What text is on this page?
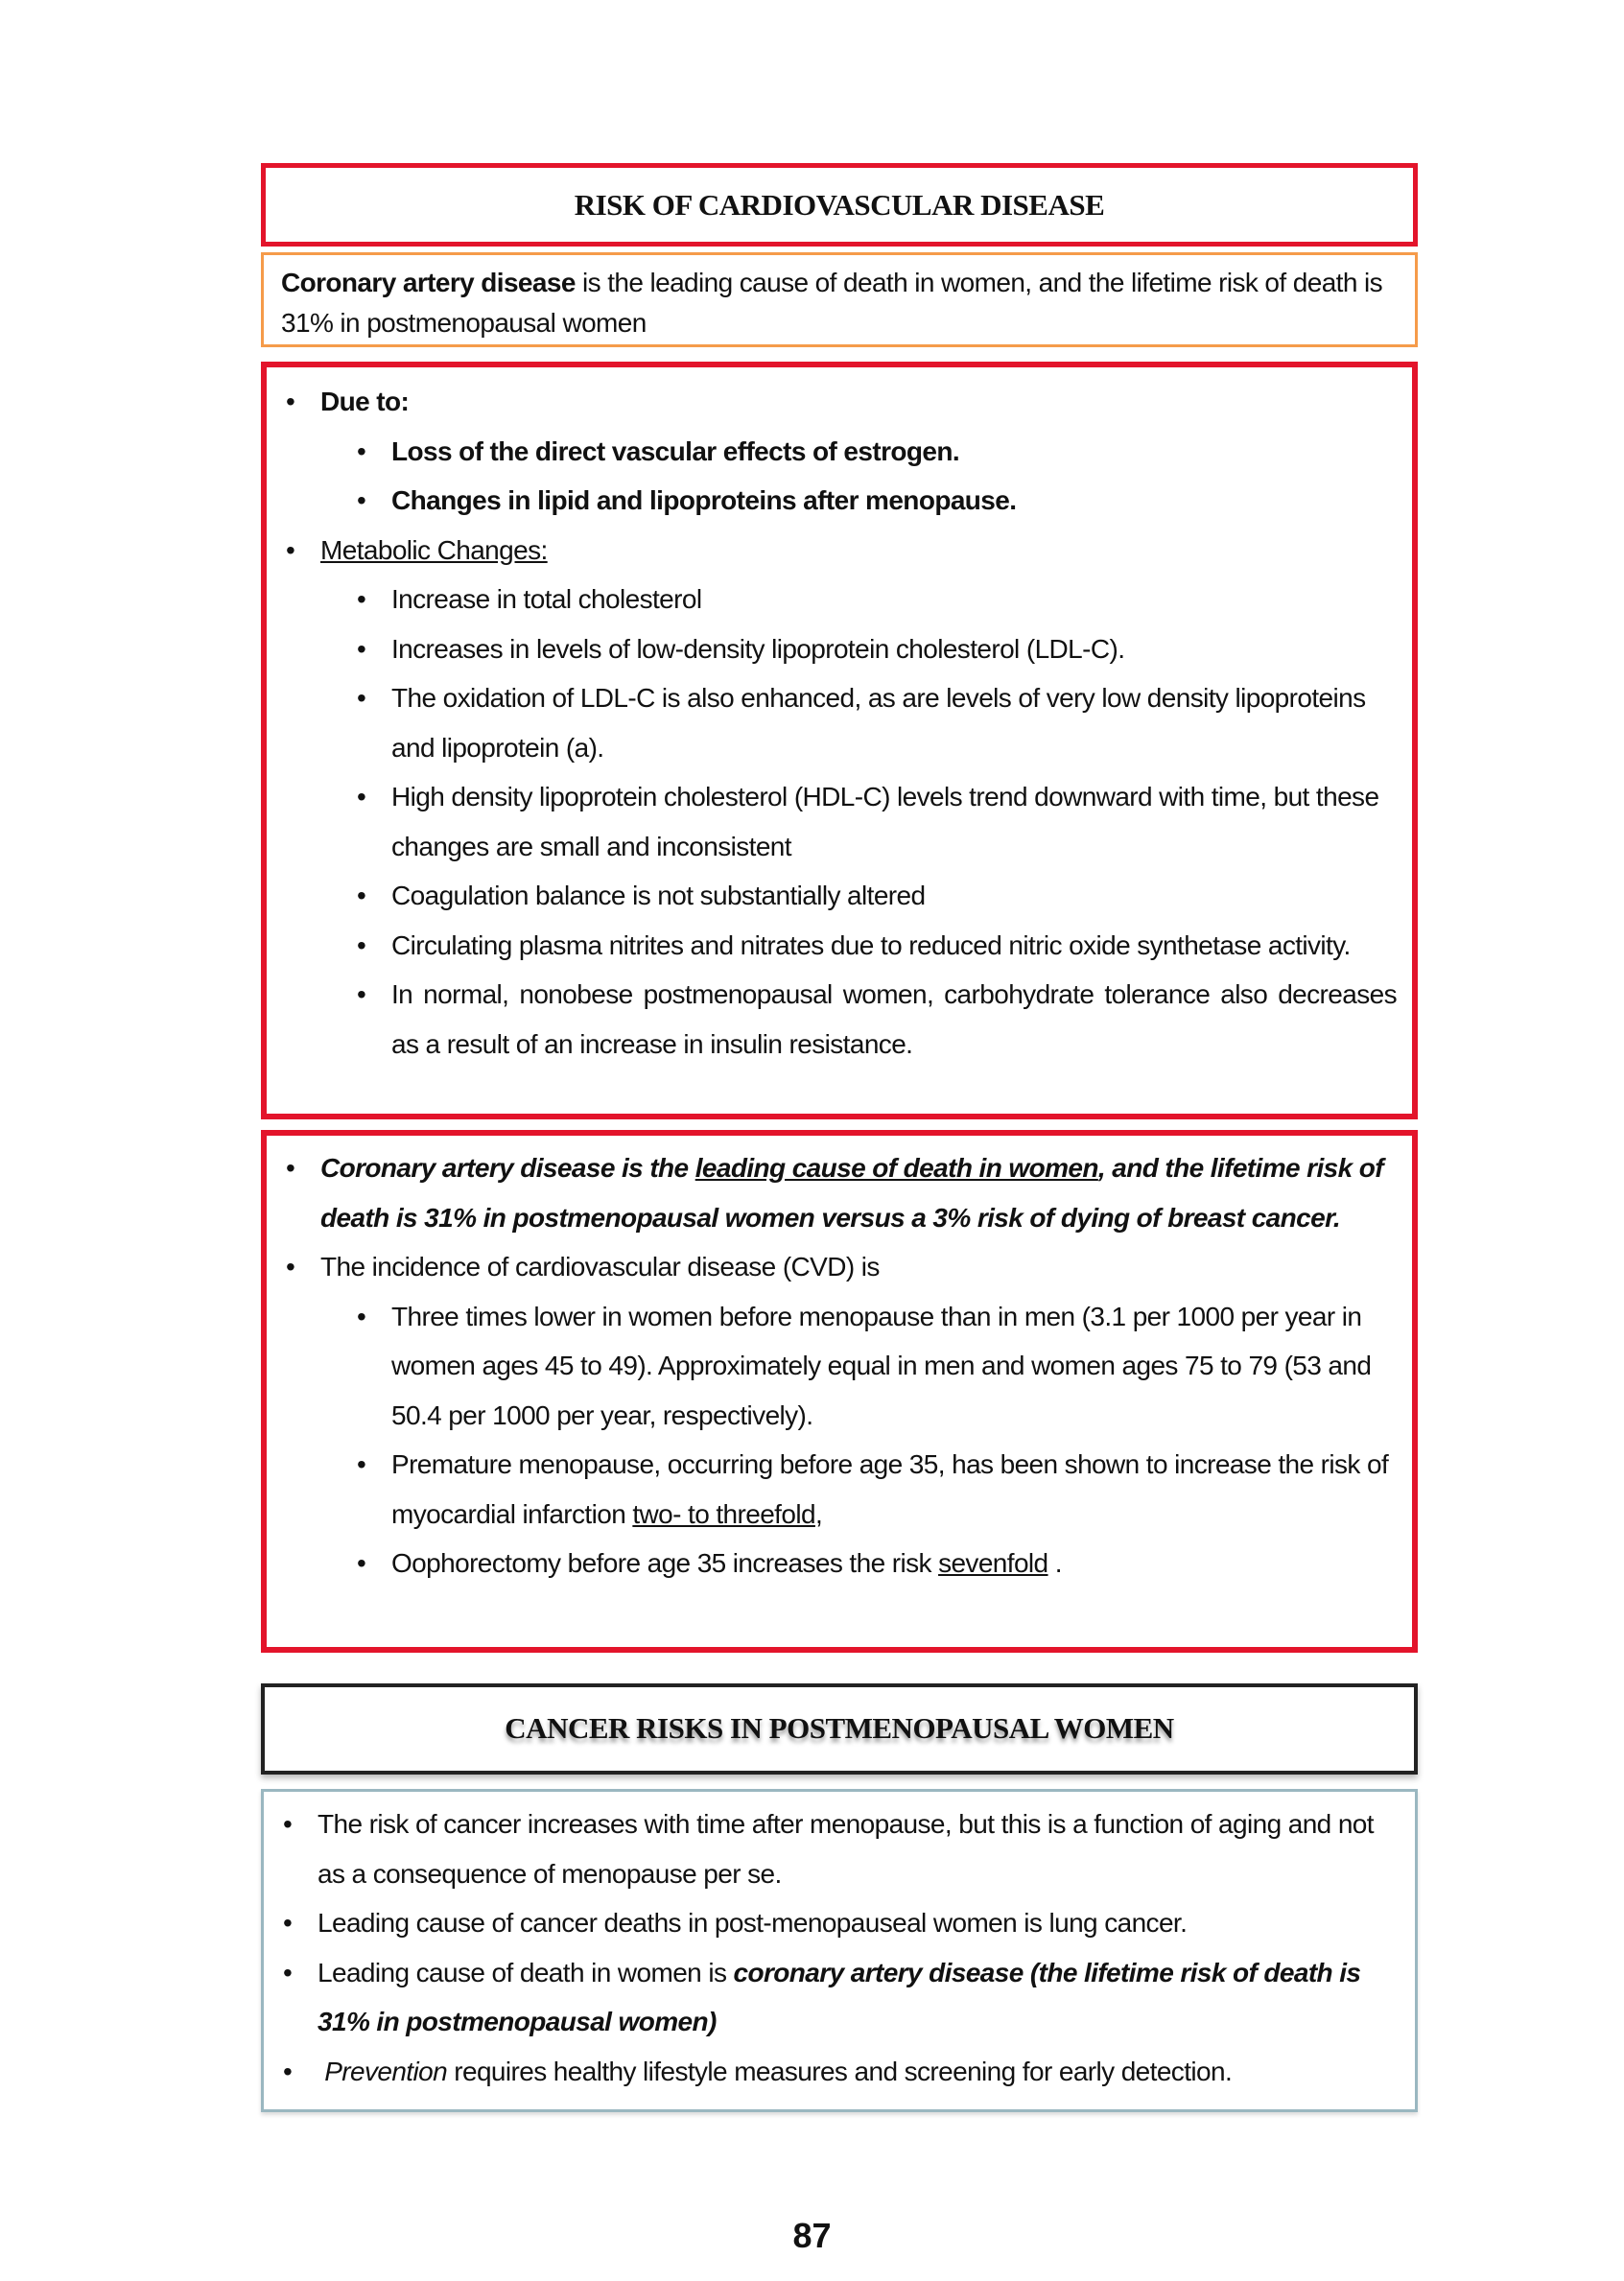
RISK OF CARDIOVASCULAR DISEASE
Coronary artery disease is the leading cause of death in women, and the lifetime risk of death is 31% in postmenopausal women
• Due to:
• Loss of the direct vascular effects of estrogen.
• Changes in lipid and lipoproteins after menopause.
• Metabolic Changes:
• Increase in total cholesterol
• Increases in levels of low-density lipoprotein cholesterol (LDL-C).
• The oxidation of LDL-C is also enhanced, as are levels of very low density lipoproteins and lipoprotein (a).
• High density lipoprotein cholesterol (HDL-C) levels trend downward with time, but these changes are small and inconsistent
• Coagulation balance is not substantially altered
• Circulating plasma nitrites and nitrates due to reduced nitric oxide synthetase activity.
• In normal, nonobese postmenopausal women, carbohydrate tolerance also decreases as a result of an increase in insulin resistance.
• Coronary artery disease is the leading cause of death in women, and the lifetime risk of death is 31% in postmenopausal women versus a 3% risk of dying of breast cancer.
• The incidence of cardiovascular disease (CVD) is
• Three times lower in women before menopause than in men (3.1 per 1000 per year in women ages 45 to 49). Approximately equal in men and women ages 75 to 79 (53 and 50.4 per 1000 per year, respectively).
• Premature menopause, occurring before age 35, has been shown to increase the risk of myocardial infarction two- to threefold,
• Oophorectomy before age 35 increases the risk sevenfold .
CANCER RISKS IN POSTMENOPAUSAL WOMEN
• The risk of cancer increases with time after menopause, but this is a function of aging and not as a consequence of menopause per se.
• Leading cause of cancer deaths in post-menopauseal women is lung cancer.
• Leading cause of death in women is coronary artery disease (the lifetime risk of death is 31% in postmenopausal women)
• Prevention requires healthy lifestyle measures and screening for early detection.
87
